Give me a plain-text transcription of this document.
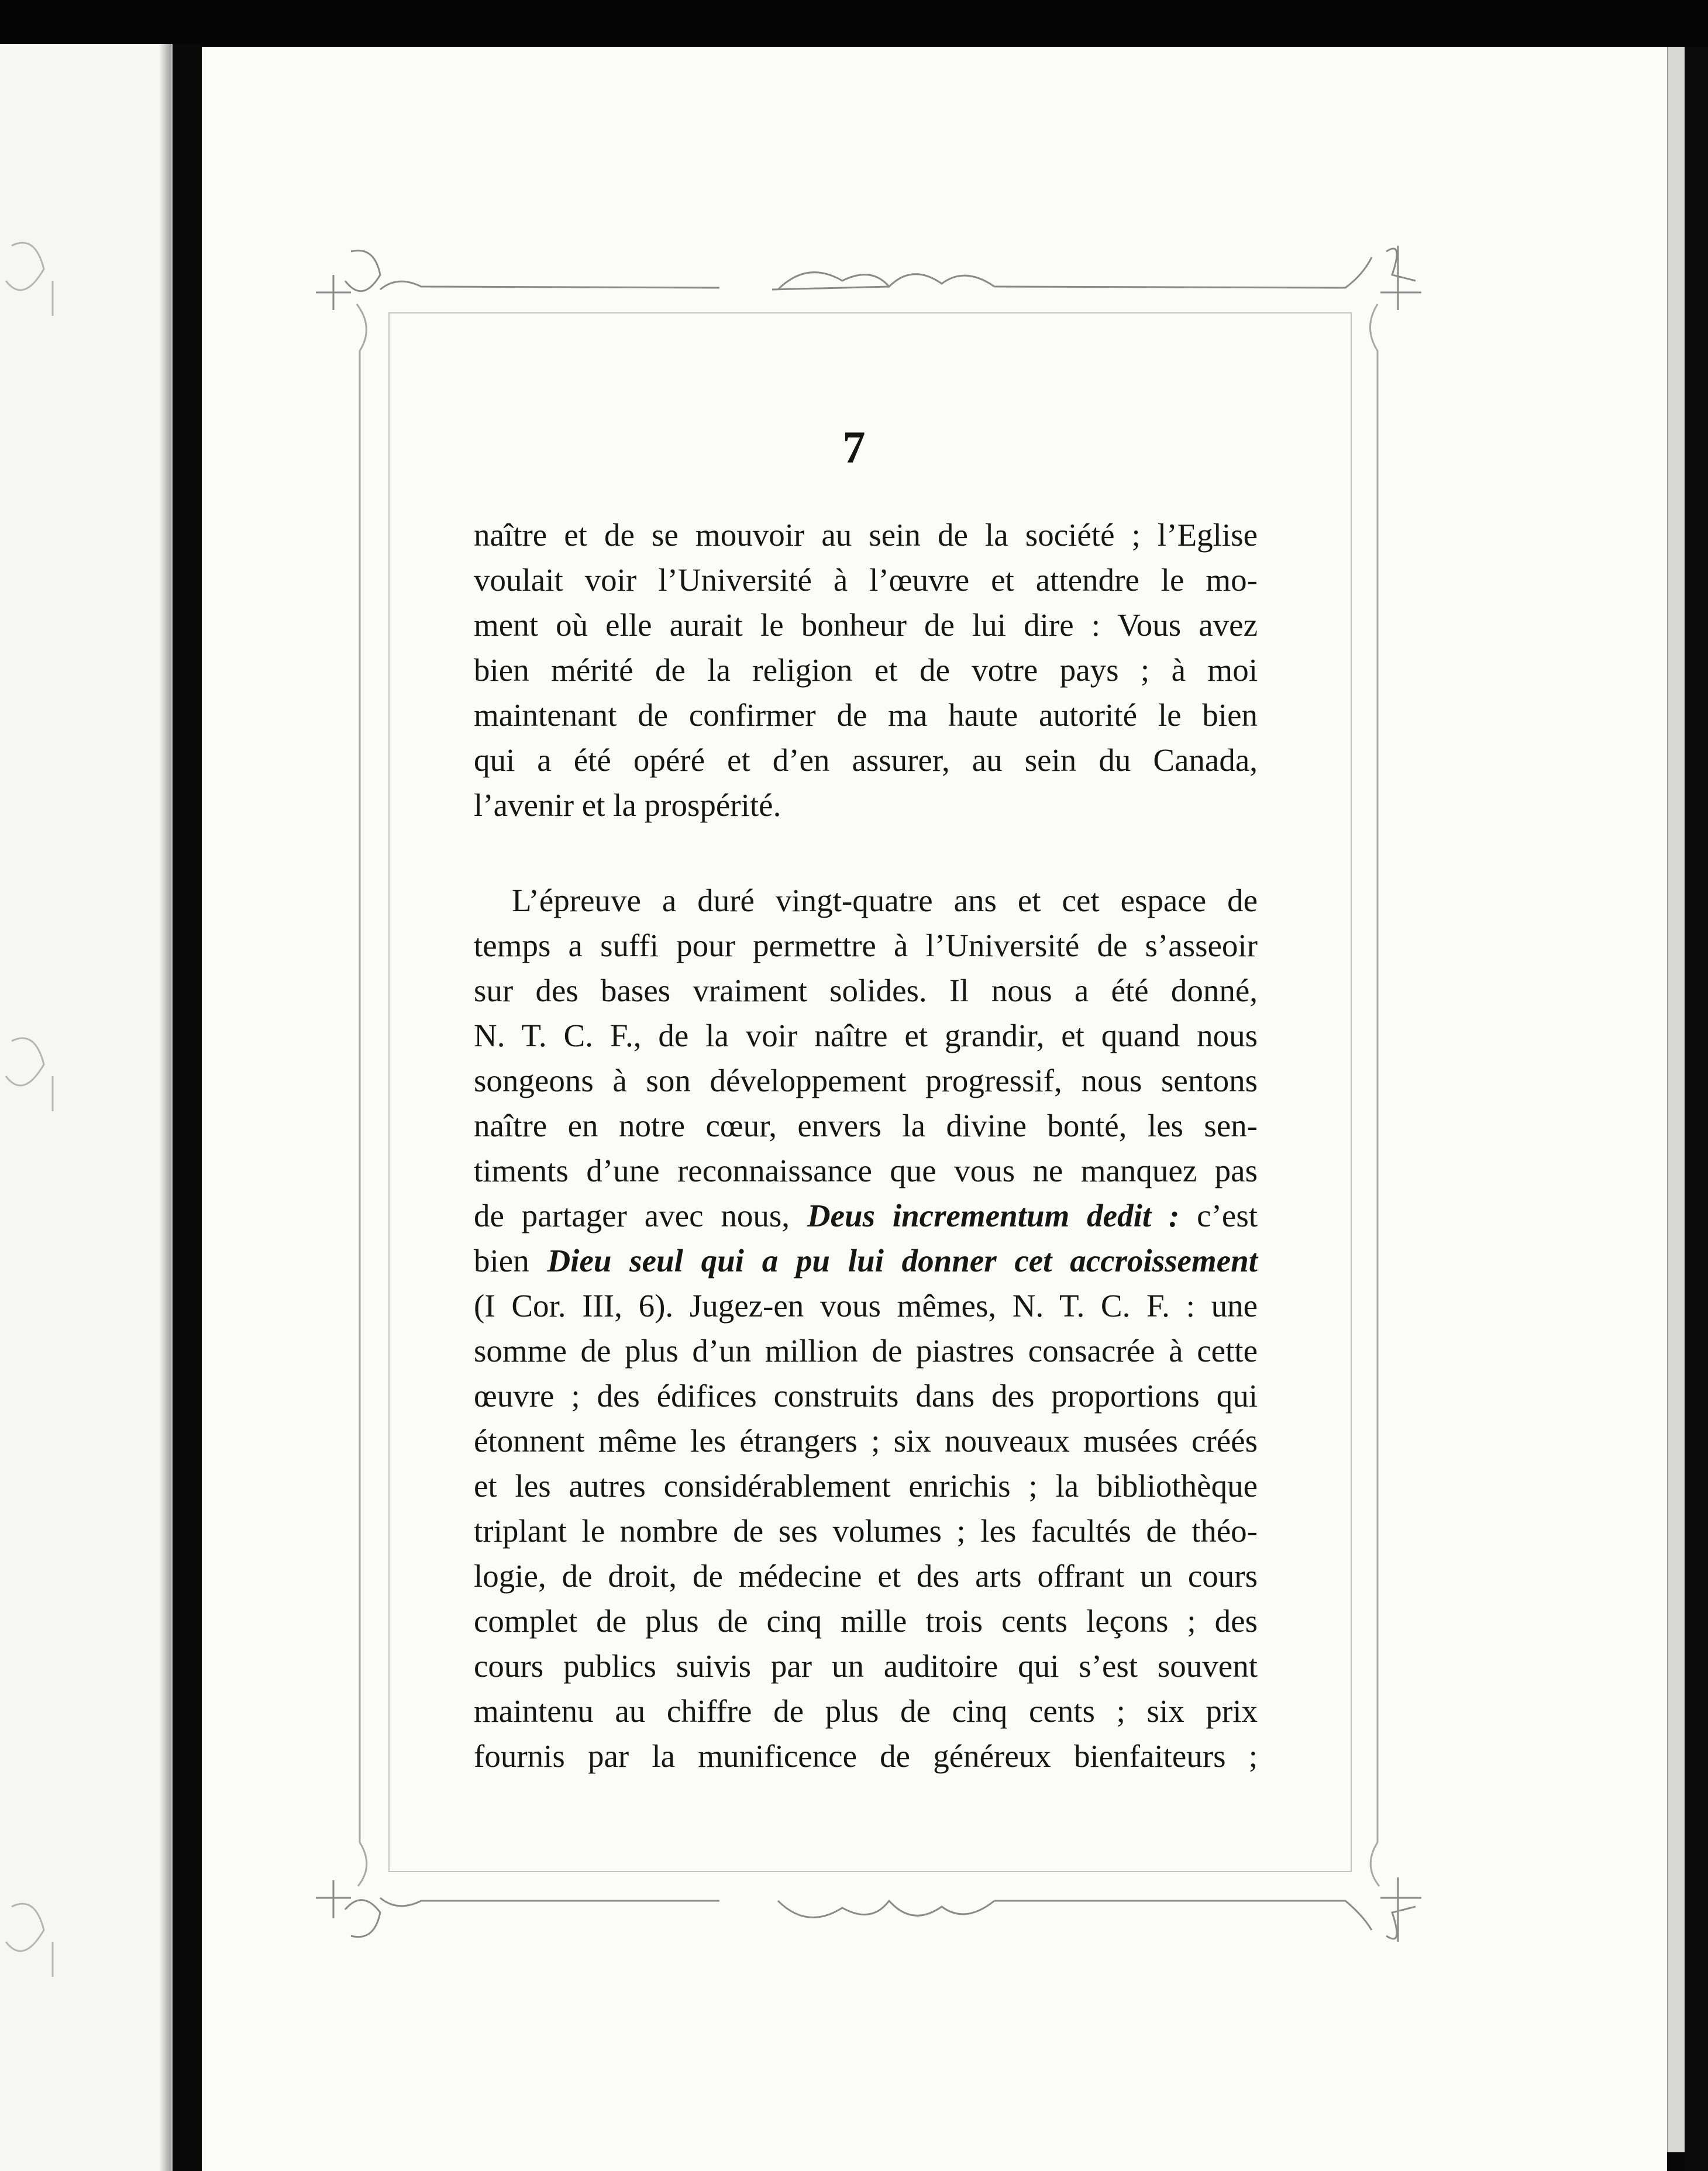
7
naître et de se mouvoir au sein de la société ; l’Eglise
voulait voir l’Université à l’œuvre et attendre le mo-
ment où elle aurait le bonheur de lui dire : Vous avez
bien mérité de la religion et de votre pays ; à moi
maintenant de confirmer de ma haute autorité le bien
qui a été opéré et d’en assurer, au sein du Canada,
l’avenir et la prospérité.
L’épreuve a duré vingt-quatre ans et cet espace de
temps a suffi pour permettre à l’Université de s’asseoir
sur des bases vraiment solides. Il nous a été donné,
N. T. C. F., de la voir naître et grandir, et quand nous
songeons à son développement progressif, nous sentons
naître en notre cœur, envers la divine bonté, les sen-
timents d’une reconnaissance que vous ne manquez pas
de partager avec nous, Deus incrementum dedit : c’est
bien Dieu seul qui a pu lui donner cet accroissement
(I Cor. III, 6). Jugez-en vous mêmes, N. T. C. F. : une
somme de plus d’un million de piastres consacrée à cette
œuvre ; des édifices construits dans des proportions qui
étonnent même les étrangers ; six nouveaux musées créés
et les autres considérablement enrichis ; la bibliothèque
triplant le nombre de ses volumes ; les facultés de théo-
logie, de droit, de médecine et des arts offrant un cours
complet de plus de cinq mille trois cents leçons ; des
cours publics suivis par un auditoire qui s’est souvent
maintenu au chiffre de plus de cinq cents ; six prix
fournis par la munificence de généreux bienfaiteurs ;
